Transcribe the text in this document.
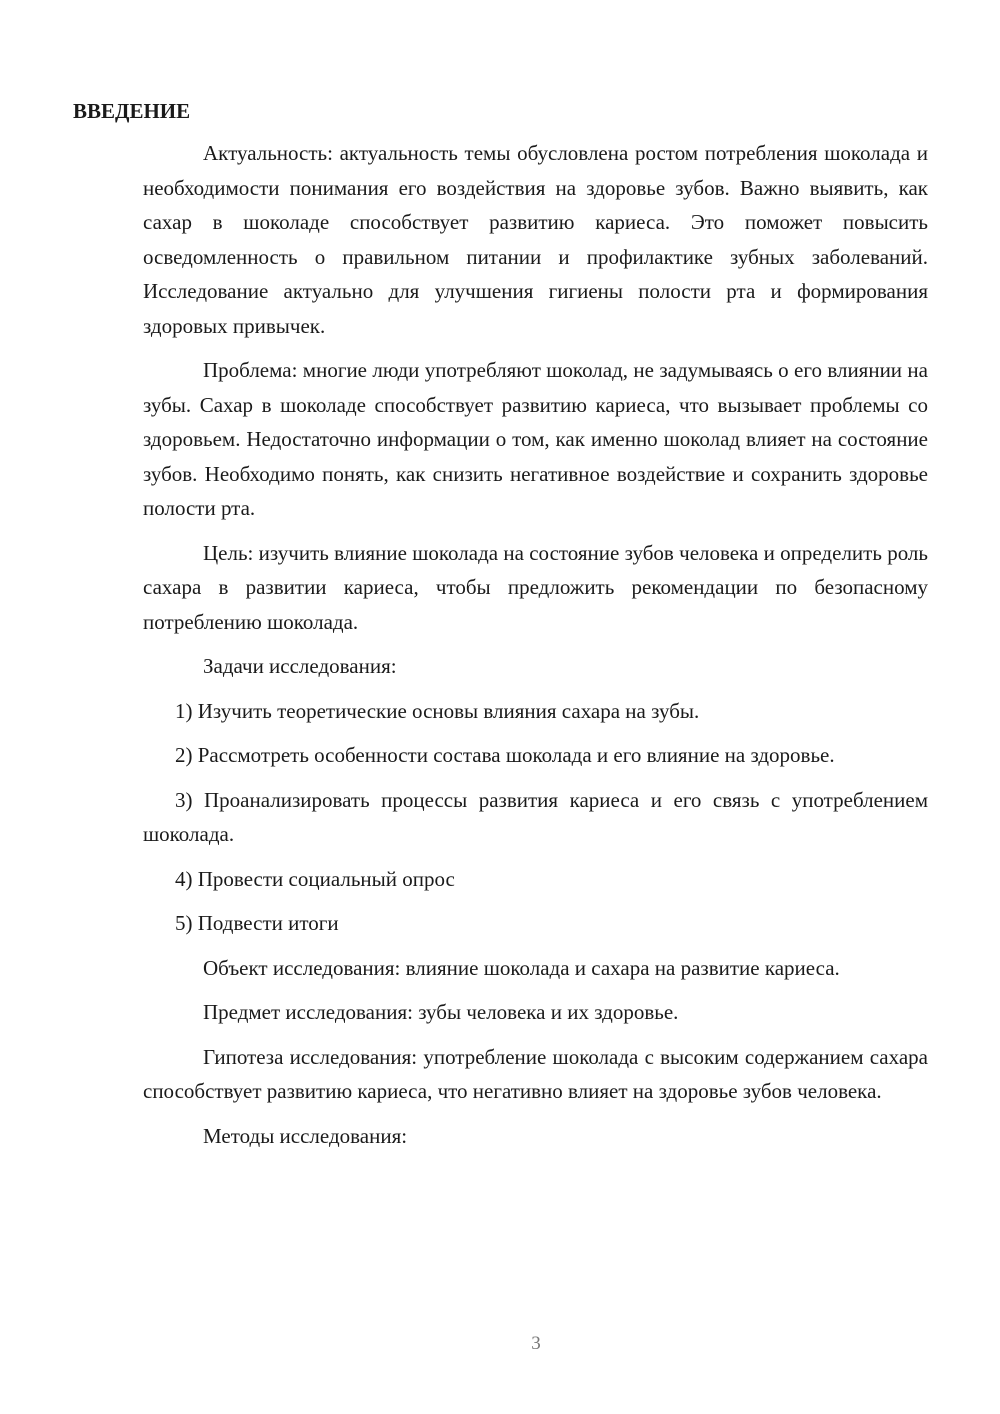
ВВЕДЕНИЕ

Актуальность: актуальность темы обусловлена ростом потребления шоколада и необходимости понимания его воздействия на здоровье зубов. Важно выявить, как сахар в шоколаде способствует развитию кариеса. Это поможет повысить осведомленность о правильном питании и профилактике зубных заболеваний. Исследование актуально для улучшения гигиены полости рта и формирования здоровых привычек.

Проблема: многие люди употребляют шоколад, не задумываясь о его влиянии на зубы. Сахар в шоколаде способствует развитию кариеса, что вызывает проблемы со здоровьем. Недостаточно информации о том, как именно шоколад влияет на состояние зубов. Необходимо понять, как снизить негативное воздействие и сохранить здоровье полости рта.

Цель: изучить влияние шоколада на состояние зубов человека и определить роль сахара в развитии кариеса, чтобы предложить рекомендации по безопасному потреблению шоколада.

Задачи исследования:

1) Изучить теоретические основы влияния сахара на зубы.

2) Рассмотреть особенности состава шоколада и его влияние на здоровье.

3) Проанализировать процессы развития кариеса и его связь с употреблением шоколада.

4) Провести социальный опрос

5) Подвести итоги

Объект исследования: влияние шоколада и сахара на развитие кариеса.

Предмет исследования: зубы человека и их здоровье.

Гипотеза исследования: употребление шоколада с высоким содержанием сахара способствует развитию кариеса, что негативно влияет на здоровье зубов человека.

Методы исследования:

3
